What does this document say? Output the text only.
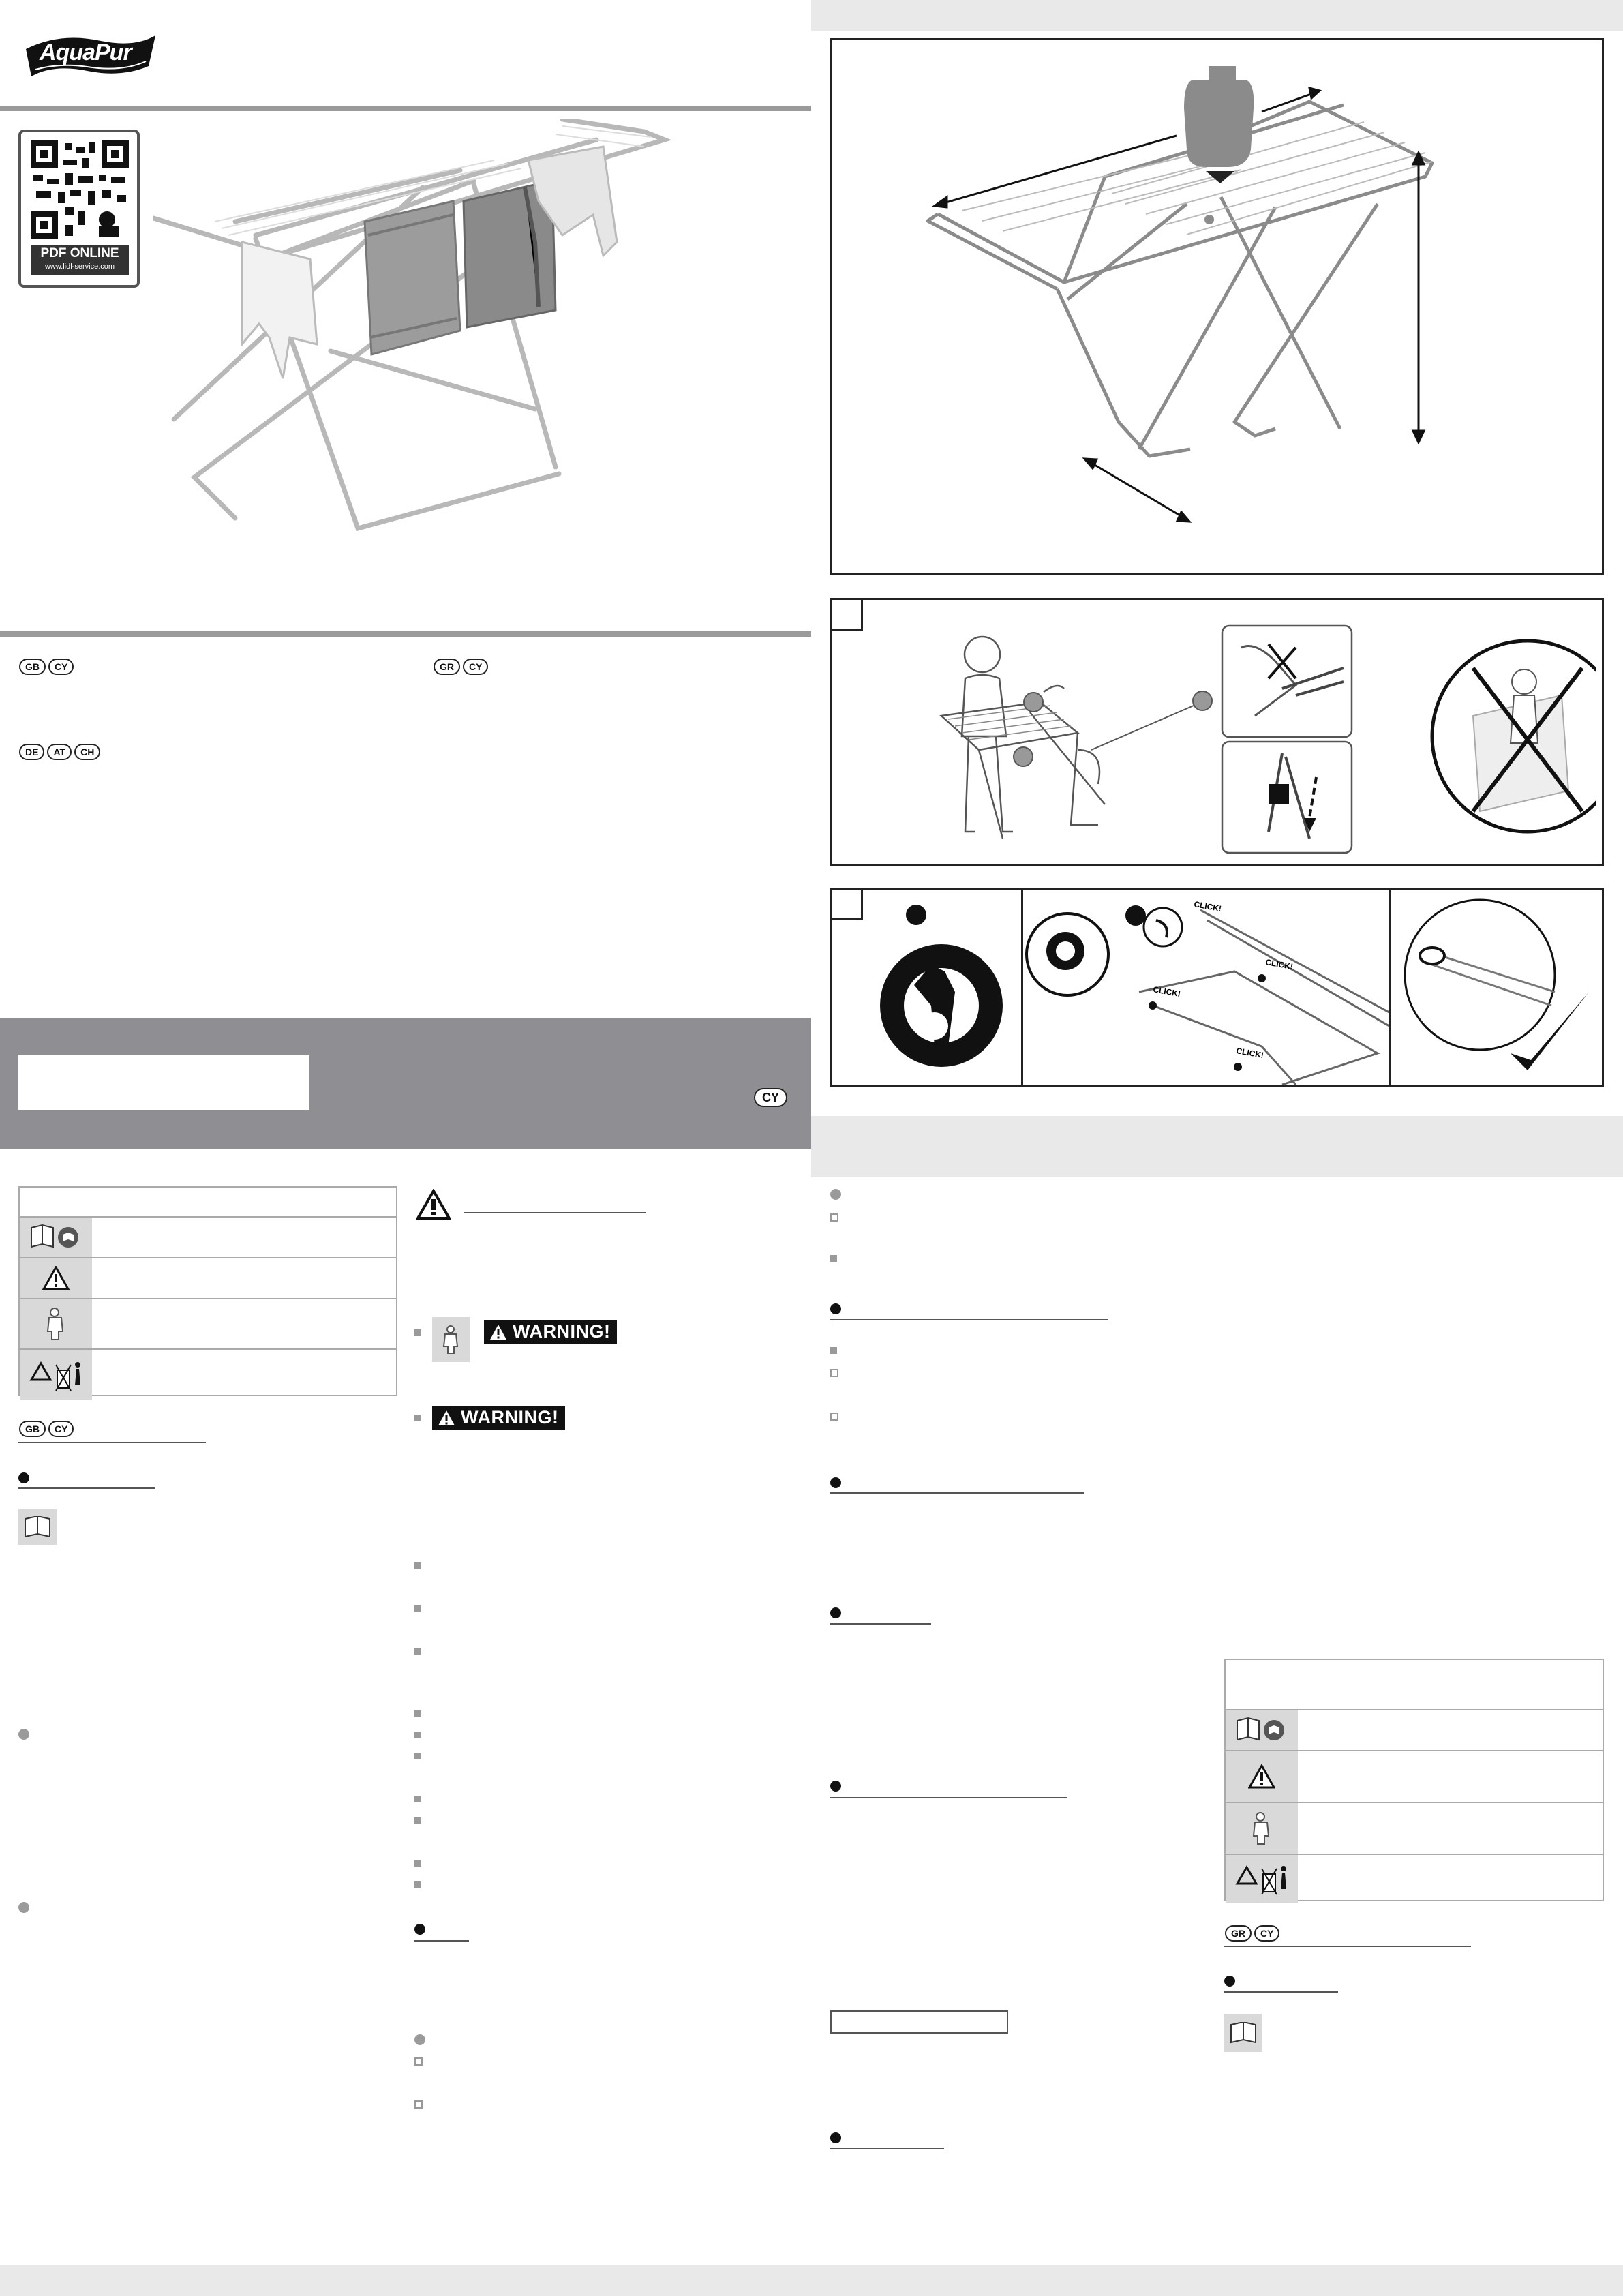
AquaPur
PDF ONLINE
www.lidl-service.com
GB CY	GR CY
DE AT CH
CY
CLICK!
CLICK!
CLICK!
CLICK!
GB CY
WARNING!
WARNING!
GR CY
